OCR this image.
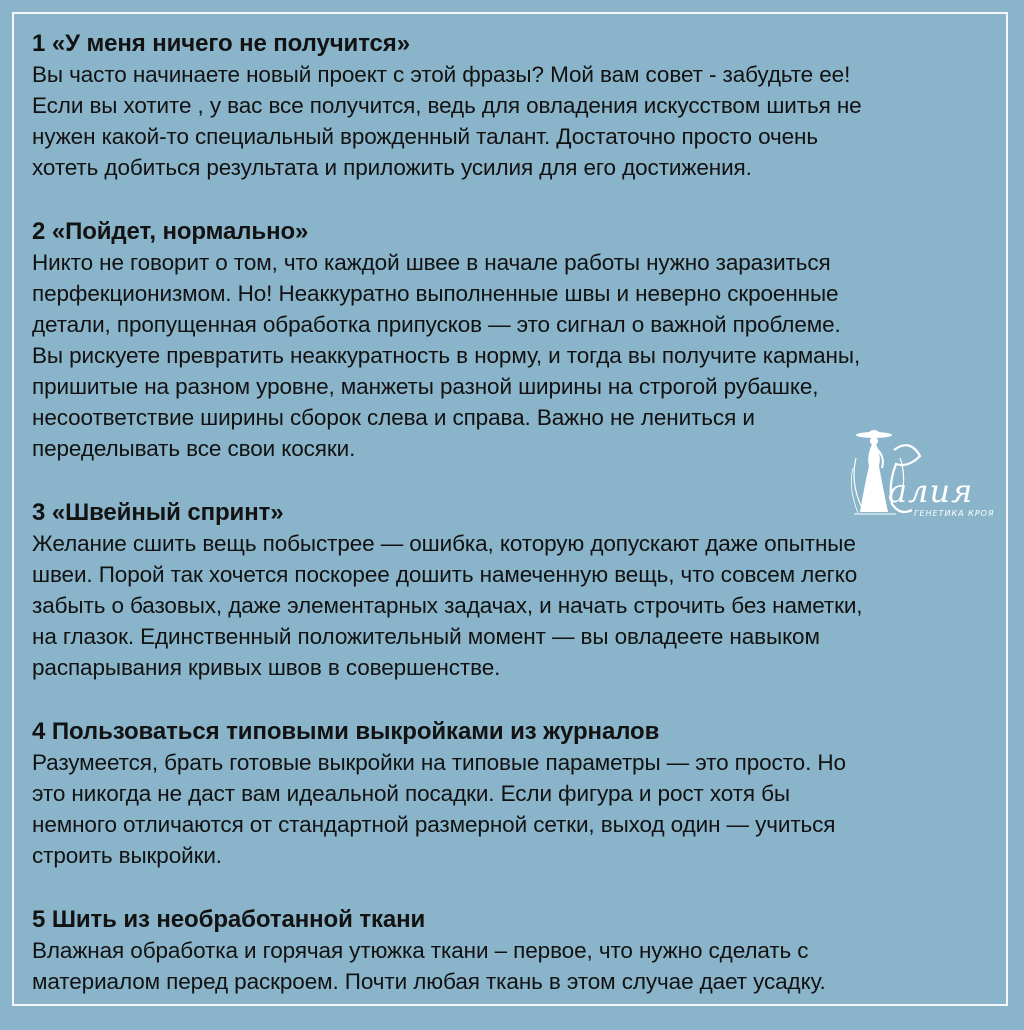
1 «У меня ничего не получится»

Вы часто начинаете новый проект с этой фразы? Мой вам совет - забудьте ее!

Если вы хотите , у вас все получится, ведь для овладения искусством шитья не

нужен какой-то специальный врожденный талант. Достаточно просто очень

хотеть добиться результата и приложить усилия для его достижения.

2 «Пойдет, нормально»

Никто не говорит о том, что каждой швее в начале работы нужно заразиться

перфекционизмом. Но! Неаккуратно выполненные швы и неверно скроенные

детали, пропущенная обработка припусков — это сигнал о важной проблеме.

Вы рискуете превратить неаккуратность в норму, и тогда вы получите карманы,

пришитые на разном уровне, манжеты разной ширины на строгой рубашке,

несоответствие ширины сборок слева и справа. Важно не лениться и

переделывать все свои косяки.

3 «Швейный спринт»

Желание сшить вещь побыстрее — ошибка, которую допускают даже опытные

швеи. Порой так хочется поскорее дошить намеченную вещь, что совсем легко

забыть о базовых, даже элементарных задачах, и начать строчить без наметки,

на глазок. Единственный положительный момент — вы овладеете навыком

распарывания кривых швов в совершенстве.

4 Пользоваться типовыми выкройками из журналов

Разумеется, брать готовые выкройки на типовые параметры — это просто. Но

это никогда не даст вам идеальной посадки. Если фигура и рост хотя бы

немного отличаются от стандартной размерной сетки, выход один — учиться

строить выкройки.

5 Шить из необработанной ткани

Влажная обработка и горячая утюжка ткани – первое, что нужно сделать с

материалом перед раскроем. Почти любая ткань в этом случае дает усадку.

алия
ГЕНЕТИКА КРОЯ
